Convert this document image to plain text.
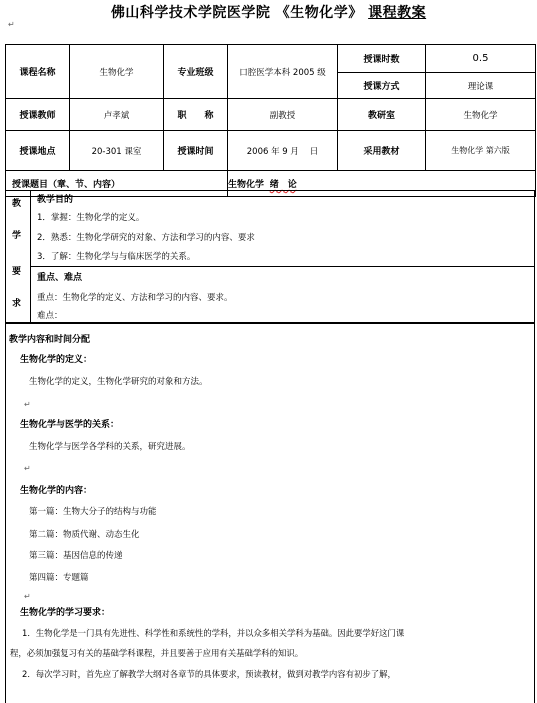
佛山科学技术学院医学院 《生物化学》 课程教案
↵
课程名称	生物化学	专业班级	口腔医学本科 2005 级	授课时数	0.5
				授课方式	理论课
授课教师	卢孝斌	职　　称	副教授	教研室	生物化学
授课地点	20-301 课室	授课时间	2006 年 9 月 日	采用教材	生物化学 第六版
授课题目（章、节、内容）			生物化学 绪　论		
教
学
要
求
教学目的
1．掌握：生物化学的定义。
2．熟悉：生物化学研究的对象、方法和学习的内容、要求
3．了解：生物化学与与临床医学的关系。
重点、难点
重点：生物化学的定义、方法和学习的内容、要求。
难点：
教学内容和时间分配
生物化学的定义：
生物化学的定义，生物化学研究的对象和方法。
↵
生物化学与医学的关系：
生物化学与医学各学科的关系，研究进展。
↵
生物化学的内容：
第一篇：生物大分子的结构与功能
第二篇：物质代谢、动态生化
第三篇：基因信息的传递
第四篇：专题篇
↵
生物化学的学习要求：
1．生物化学是一门具有先进性、科学性和系统性的学科，并以众多相关学科为基础。因此要学好这门课
程，必须加强复习有关的基础学科课程，并且要善于应用有关基础学科的知识。
2．每次学习时，首先应了解教学大纲对各章节的具体要求，预读教材，做到对教学内容有初步了解，
